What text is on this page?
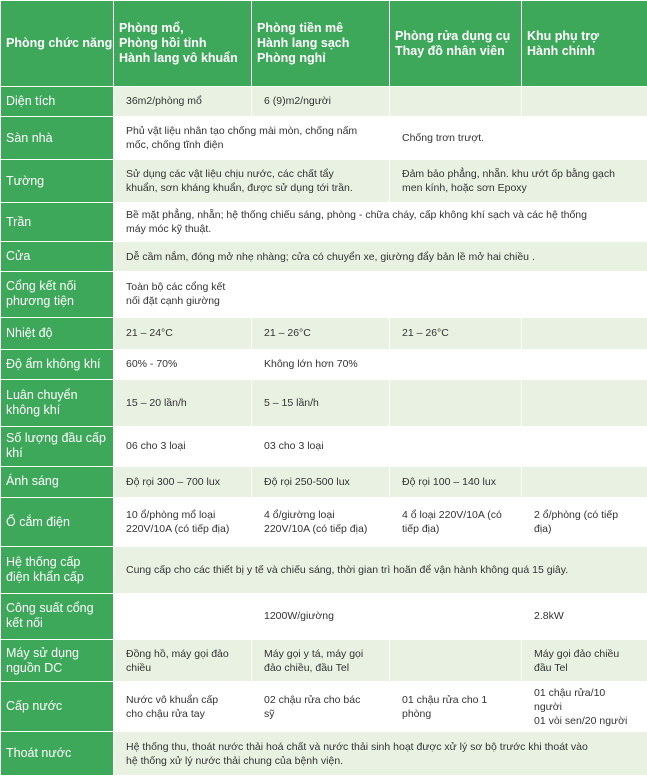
Phòng chức năng	Phòng mổ,
Phòng hồi tỉnh
Hành lang vô khuẩn	Phòng tiền mê
Hành lang sạch
Phòng nghỉ	Phòng rửa dụng cụ
Thay đồ nhân viên	Khu phụ trợ
Hành chính

Diện tích	36m2/phòng mổ	6 (9)m2/người		

Sàn nhà	Phủ vật liệu nhân tạo chống mài mòn, chống nấm
mốc, chống tĩnh điện		Chống trơn trượt.	

Tường	Sử dụng các vật liệu chịu nước, các chất tẩy
khuẩn, sơn kháng khuẩn, được sử dụng tới trần.		Đảm bảo phẳng, nhẵn. khu ướt ốp bằng gạch
men kính, hoặc sơn Epoxy	

Trần	Bề mặt phẳng, nhẵn; hệ thống chiếu sáng, phòng - chữa cháy, cấp không khí sạch và các hệ thống
máy móc kỹ thuật.			

Cửa	Dễ cầm nắm, đóng mở nhẹ nhàng; cửa có chuyển xe, giường đẩy bản lề mở hai chiều .			

Cổng kết nối
phương tiện	Toàn bộ các cổng kết
nối đặt cạnh giường			

Nhiệt độ	21 – 24°C	21 – 26°C	21 – 26°C	

Độ ẩm không khí	60% - 70%	Không lớn hơn 70%		

Luân chuyển
không khí	15 – 20 lần/h	5 – 15 lần/h		

Số lượng đầu cấp
khí	06 cho 3 loại	03 cho 3 loại		

Ánh sáng	Độ rọi 300 – 700 lux	Độ rọi 250-500 lux	Độ rọi 100 – 140 lux	

Ổ cắm điện	10 ổ/phòng mổ loại
220V/10A (có tiếp địa)	4 ổ/giường loại
220V/10A (có tiếp địa)	4 ổ loại 220V/10A (có
tiếp địa)	2 ổ/phòng (có tiếp
địa)

Hệ thống cấp
điện khẩn cấp	Cung cấp cho các thiết bị y tế và chiếu sáng, thời gian trì hoãn để vận hành không quá 15 giây.			

Công suất cổng
kết nối		1200W/giường		2.8kW

Máy sử dụng
nguồn DC	Đồng hồ, máy gọi đảo
chiều	Máy gọi y tá, máy gọi
đảo chiều, đầu Tel		Máy gọi đảo chiều
đầu Tel

Cấp nước	Nước vô khuẩn cấp
cho chậu rửa tay	02 chậu rửa cho bác
sỹ	01 chậu rửa cho 1
phòng	01 chậu rửa/10
người
01 vòi sen/20 người

Thoát nước	Hệ thống thu, thoát nước thải hoá chất và nước thải sinh hoạt được xử lý sơ bộ trước khi thoát vào
hệ thống xử lý nước thải chung của bệnh viện.			
